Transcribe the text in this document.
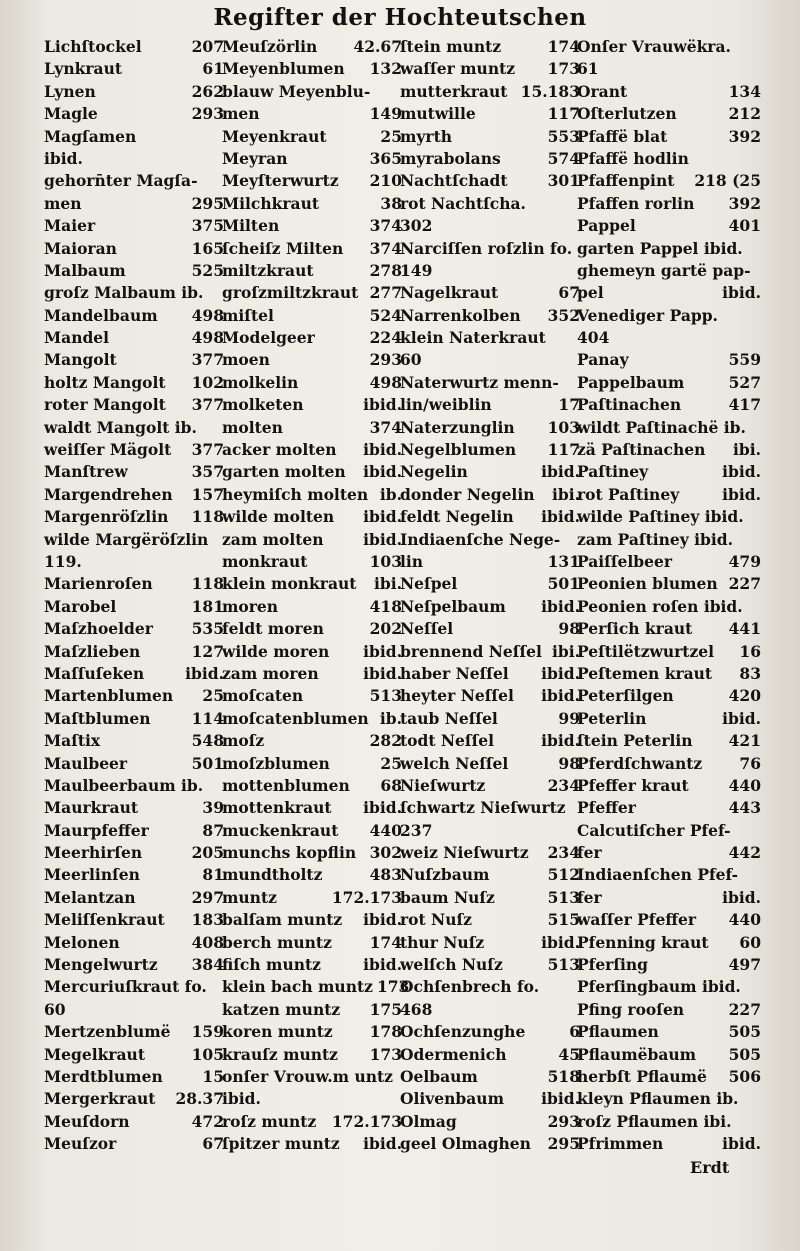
Regifter der Hochteutschen
Lichſtockel	207
Lynkraut	61
Lynen	262
Magle	293
Magſamen
ibid.
gehorn̄ter Magſa-
men	295
Maier	375
Maioran	165
Malbaum	525
groſz Malbaum ib.
Mandelbaum 498
Mandel	498
Mangolt	377
holtz Mangolt 102
roter Mangolt 377
waldt Mangolt ib.
weiſſer Mägolt 377
Manſtrew	357
Margendrehen 157
Margenröſzlin 118
wilde Margëröſzlin
119.
Marienroſen	118
Marobel	181
Maſzhoelder 535
Maſzlieben	127
Maſſuſeken	ibid.
Martenblumen 25
Maſtblumen	114
Maſtix	548
Maulbeer	501
Maulbeerbaum ib.
Maurkraut	39
Maurpfeffer	87
Meerhirſen	205
Meerlinſen	81
Melantzan	297
Meliſſenkraut 183
Melonen	408
Mengelwurtz 384
Mercuriuſkraut fo.
60
Mertzenblumë 159
Megelkraut	105
Merdtblumen	15
Mergerkraut 28.37
Meuſdorn	472
Meuſzor	67
Meuſzörlin 42.67
Meyenblumen 132
blauw Meyenblu-
men	149
Meyenkraut	25
Meyran	365
Meyſterwurtz 210
Milchkraut	38
Milten	374
ſcheiſz Milten 374
miltzkraut	278
groſzmiltzkraut 277
miſtel	524
Modelgeer	224
moen	293
molkelin	498
molketen	ibid.
molten	374
acker molten ibid.
garten molten ibid.
heymiſch molten ib.
wilde molten ibid.
zam molten	ibid.
monkraut	103
klein monkraut ibi.
moren	418
feldt moren	202
wilde moren ibid.
zam moren	ibid.
moſcaten	513
moſcatenblumen ib.
moſz	282
moſzblumen	25
mottenblumen 68
mottenkraut ibid.
muckenkraut 440
munchs kopflin 302
mundtholtz	483
muntz	172.173
balſam muntz ibid.
berch muntz 174
fiſch muntz	ibid.
klein bach muntz 173
katzen muntz 175
koren muntz 178
krauſz muntz 173
onſer Vrouw.m untz
ibid.
roſz muntz 172.173
ſpitzer muntz ibid.
ſtein muntz	174
waſſer muntz 173
mutterkraut 15.183
mutwille	117
myrth	553
myrabolans	574
Nachtſchadt	301
rot Nachtſcha.
302
Narciſſen roſzlin fo.
149
Nagelkraut	67
Narrenkolben 352
klein Naterkraut
60
Naterwurtz menn-
lin/weiblin	17
Naterzunglin 103
Negelblumen 117
Negelin	ibid.
donder Negelin ibi.
feldt Negelin ibid.
Indiaenſche Nege-
lin	131
Neſpel	501
Neſpelbaum ibid.
Neſſel	98
brennend Neſſel ibi.
haber Neſſel ibid.
heyter Neſſel ibid.
taub Neſſel	99
todt Neſſel	ibid.
welch Neſſel	98
Nieſwurtz	234
ſchwartz Nieſwurtz
237
weiz Nieſwurtz 234
Nuſzbaum	512
baum Nuſz	513
rot Nuſz	515
thur Nuſz	ibid.
welſch Nuſz	513
Ochſenbrech fo.
468
Ochſenzunghe	6
Odermenich	45
Oelbaum	518
Olivenbaum ibid.
Olmag	293
geel Olmaghen 295
Onſer Vrauwëkra.
61
Orant	134
Oſterlutzen	212
Pfaffë blat	392
Pfaffë hodlin
Pfaffenpint 218 (25
Pfaffen rorlin 392
Pappel	401
garten Pappel ibid.
ghemeyn gartë pap-
pel	ibid.
Venediger Papp.
404
Panay	559
Pappelbaum	527
Paſtinachen	417
wildt Paſtinachë ib.
zä Paſtinachen ibi.
Paſtiney	ibid.
rot Paſtiney	ibid.
wilde Paſtiney ibid.
zam Paſtiney ibid.
Paiſſelbeer	479
Peonien blumen 227
Peonien roſen ibid.
Perſich kraut 441
Peſtilëtzwurtzel 16
Peſtemen kraut 83
Peterſilgen	420
Peterlin	ibid.
ſtein Peterlin 421
Pferdſchwantz 76
Pfeffer kraut	440
Pfeffer	443
Calcutiſcher Pfef-
fer	442
Indiaenſchen Pfef-
fer	ibid.
waſſer Pfeffer 440
Pfenning kraut 60
Pferſing	497
Pferſingbaum ibid.
Pfing rooſen	227
Pflaumen	505
Pflaumëbaum 505
herbſt Pflaumë 506
kleyn Pflaumen ib.
roſz Pflaumen ibi.
Pfrimmen	ibid.
Erdt
